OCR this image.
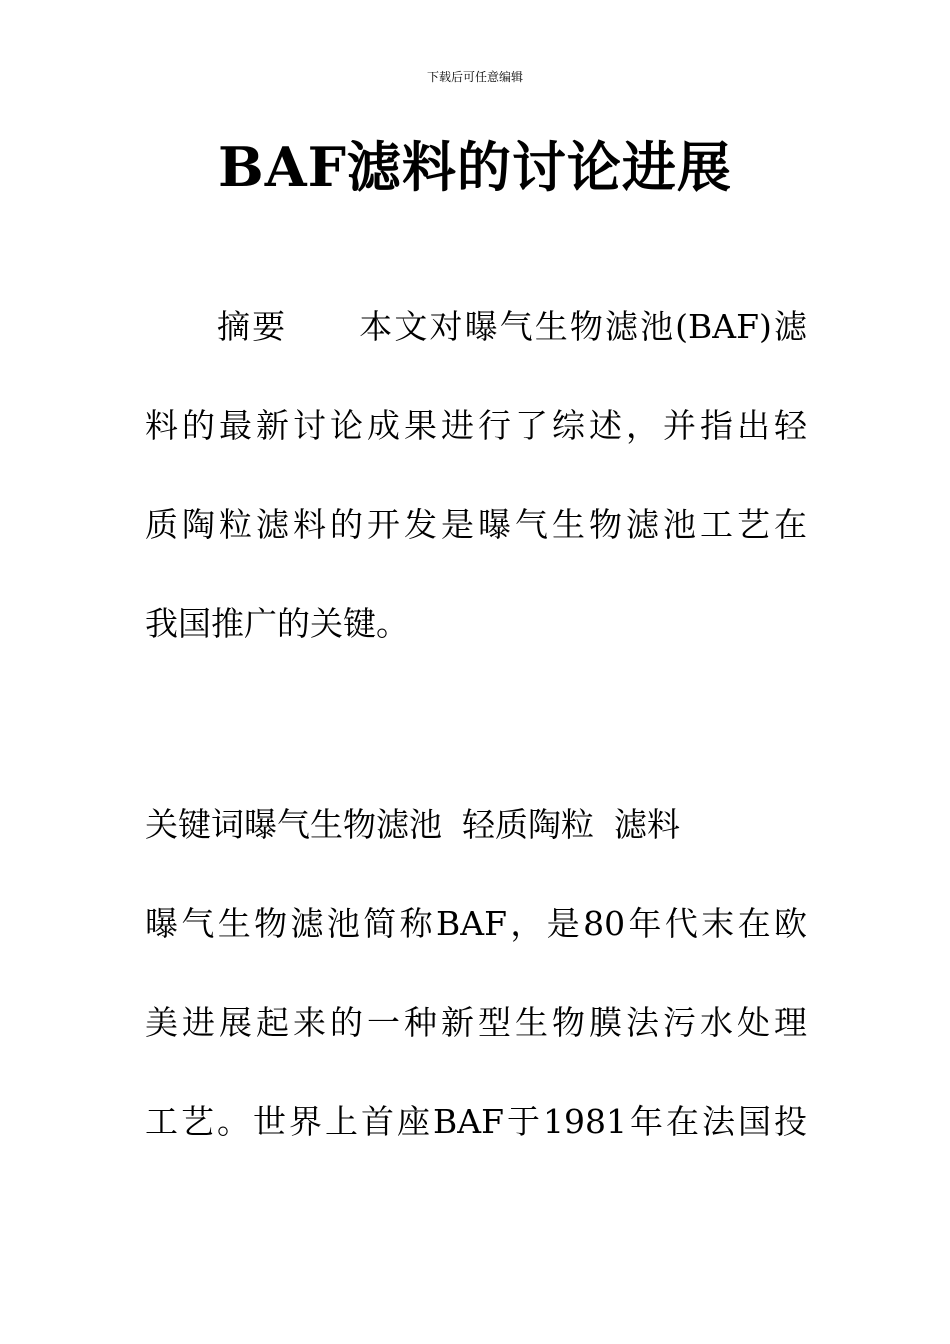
下载后可任意编辑
BAF滤料的讨论进展
摘要 本文对曝气生物滤池(BAF)滤
料的最新讨论成果进行了综述，并指出轻
质陶粒滤料的开发是曝气生物滤池工艺在
我国推广的关键。
关键词曝气生物滤池 轻质陶粒 滤料
曝气生物滤池简称BAF，是80年代末在欧
美进展起来的一种新型生物膜法污水处理
工艺。世界上首座BAF于1981年在法国投
